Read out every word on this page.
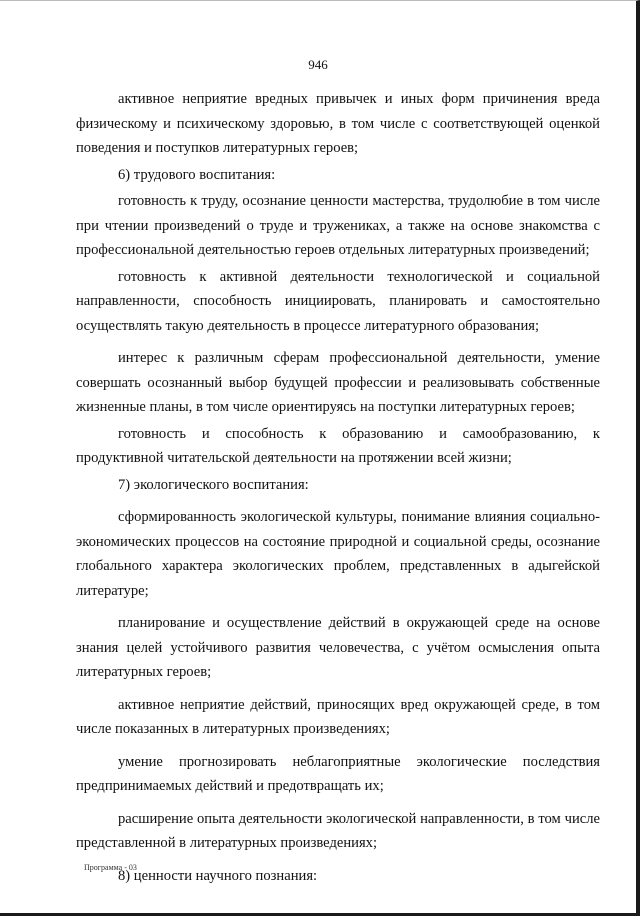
946

активное неприятие вредных привычек и иных форм причинения вреда физическому и психическому здоровью, в том числе с соответствующей оценкой поведения и поступков литературных героев;

6) трудового воспитания:

готовность к труду, осознание ценности мастерства, трудолюбие в том числе при чтении произведений о труде и тружениках, а также на основе знакомства с профессиональной деятельностью героев отдельных литературных произведений;

готовность к активной деятельности технологической и социальной направленности, способность инициировать, планировать и самостоятельно осуществлять такую деятельность в процессе литературного образования;

интерес к различным сферам профессиональной деятельности, умение совершать осознанный выбор будущей профессии и реализовывать собственные жизненные планы, в том числе ориентируясь на поступки литературных героев;

готовность и способность к образованию и самообразованию, к продуктивной читательской деятельности на протяжении всей жизни;

7) экологического воспитания:

сформированность экологической культуры, понимание влияния социально-экономических процессов на состояние природной и социальной среды, осознание глобального характера экологических проблем, представленных в адыгейской литературе;

планирование и осуществление действий в окружающей среде на основе знания целей устойчивого развития человечества, с учётом осмысления опыта литературных героев;

активное неприятие действий, приносящих вред окружающей среде, в том числе показанных в литературных произведениях;

умение прогнозировать неблагоприятные экологические последствия предпринимаемых действий и предотвращать их;

расширение опыта деятельности экологической направленности, в том числе представленной в литературных произведениях;

8) ценности научного познания:

Программа - 03
